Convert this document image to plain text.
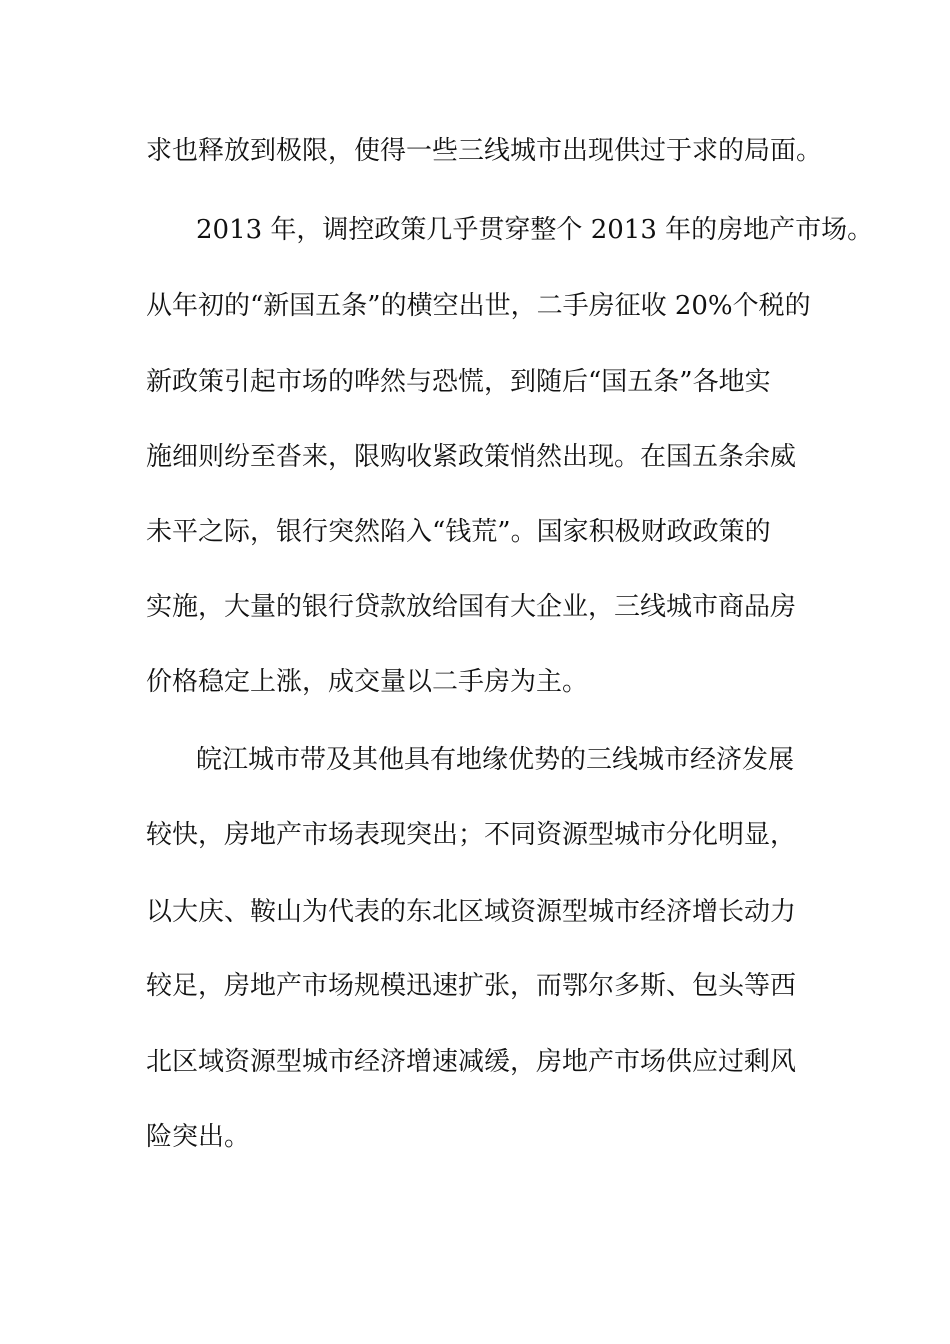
求也释放到极限，使得一些三线城市出现供过于求的局面。

2013 年，调控政策几乎贯穿整个 2013 年的房地产市场。

从年初的“新国五条”的横空出世，二手房征收 20%个税的

新政策引起市场的哗然与恐慌，到随后“国五条”各地实

施细则纷至沓来，限购收紧政策悄然出现。在国五条余威

未平之际，银行突然陷入“钱荒”。国家积极财政政策的

实施，大量的银行贷款放给国有大企业，三线城市商品房

价格稳定上涨，成交量以二手房为主。

皖江城市带及其他具有地缘优势的三线城市经济发展

较快，房地产市场表现突出；不同资源型城市分化明显，

以大庆、鞍山为代表的东北区域资源型城市经济增长动力

较足，房地产市场规模迅速扩张，而鄂尔多斯、包头等西

北区域资源型城市经济增速减缓，房地产市场供应过剩风

险突出。
